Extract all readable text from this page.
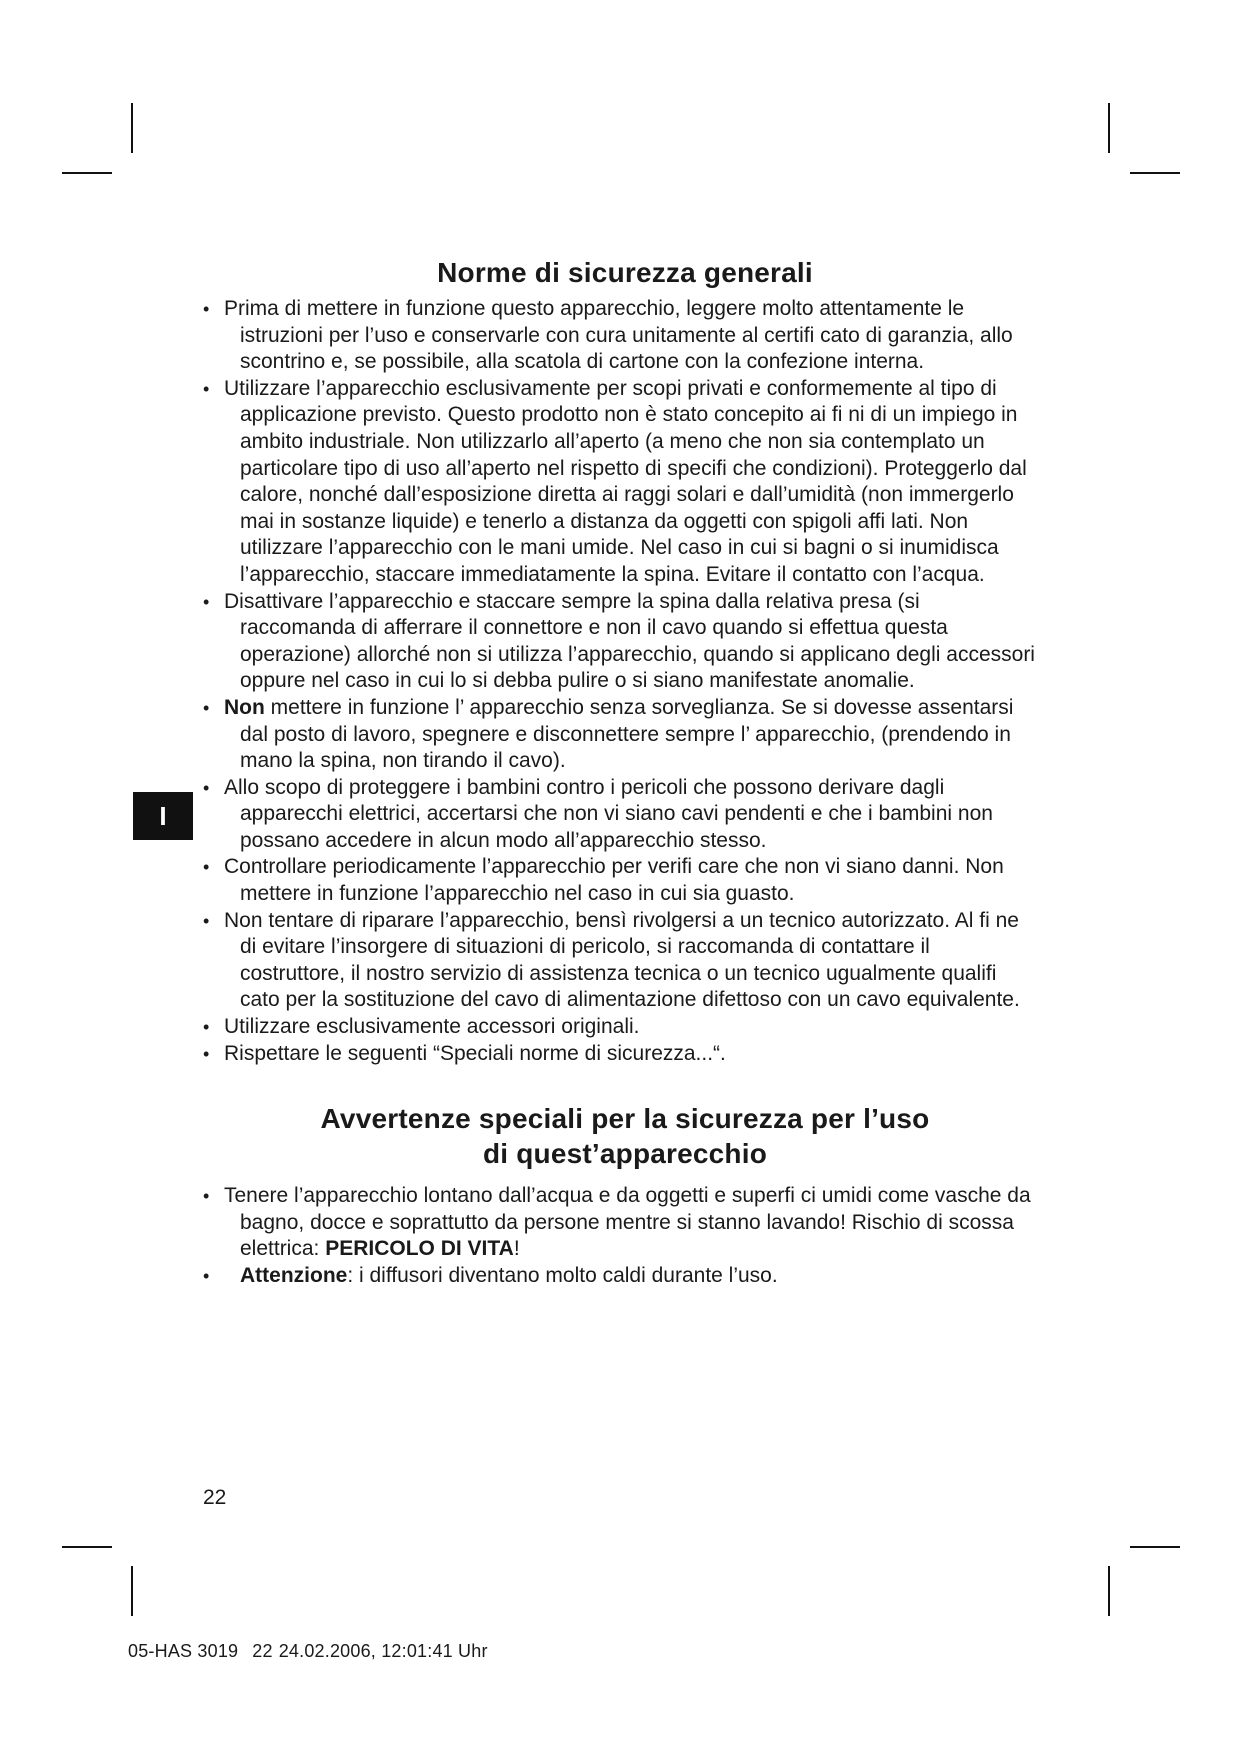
I
Norme di sicurezza generali
• Prima di mettere in funzione questo apparecchio, leggere molto attentamente le istruzioni per l’uso e conservarle con cura unitamente al certifi cato di garanzia, allo scontrino e, se possibile, alla scatola di cartone con la confezione interna.
• Utilizzare l’apparecchio esclusivamente per scopi privati e conformemente al tipo di applicazione previsto. Questo prodotto non è stato concepito ai fi ni di un impiego in ambito industriale. Non utilizzarlo all’aperto (a meno che non sia contemplato un particolare tipo di uso all’aperto nel rispetto di specifi che condizioni). Proteggerlo dal calore, nonché dall’esposizione diretta ai raggi solari e dall’umidità (non immergerlo mai in sostanze liquide) e tenerlo a distanza da oggetti con spigoli affi lati. Non utilizzare l’apparecchio con le mani umide. Nel caso in cui si bagni o si inumidisca l’apparecchio, staccare immediatamente la spina. Evitare il contatto con l’acqua.
• Disattivare l’apparecchio e staccare sempre la spina dalla relativa presa (si raccomanda di afferrare il connettore e non il cavo quando si effettua questa operazione) allorché non si utilizza l’apparecchio, quando si applicano degli accessori oppure nel caso in cui lo si debba pulire o si siano manifestate anomalie.
• Non mettere in funzione l’ apparecchio senza sorveglianza. Se si dovesse assentarsi dal posto di lavoro, spegnere e disconnettere sempre l’ apparecchio, (prendendo in mano la spina, non tirando il cavo).
• Allo scopo di proteggere i bambini contro i pericoli che possono derivare dagli apparecchi elettrici, accertarsi che non vi siano cavi pendenti e che i bambini non possano accedere in alcun modo all’apparecchio stesso.
• Controllare periodicamente l’apparecchio per verifi care che non vi siano danni. Non mettere in funzione l’apparecchio nel caso in cui sia guasto.
• Non tentare di riparare l’apparecchio, bensì rivolgersi a un tecnico autorizzato. Al fi ne di evitare l’insorgere di situazioni di pericolo, si raccomanda di contattare il costruttore, il nostro servizio di assistenza tecnica o un tecnico ugualmente qualifi cato per la sostituzione del cavo di alimentazione difettoso con un cavo equivalente.
• Utilizzare esclusivamente accessori originali.
• Rispettare le seguenti “Speciali norme di sicurezza...“.
Avvertenze speciali per la sicurezza per l’uso
di quest’apparecchio
• Tenere l’apparecchio lontano dall’acqua e da oggetti e superfi ci umidi come vasche da bagno, docce e soprattutto da persone mentre si stanno lavando! Rischio di scossa elettrica: PERICOLO DI VITA!
• Attenzione: i diffusori diventano molto caldi durante l’uso.
22
05-HAS 3019 22 24.02.2006, 12:01:41 Uhr
